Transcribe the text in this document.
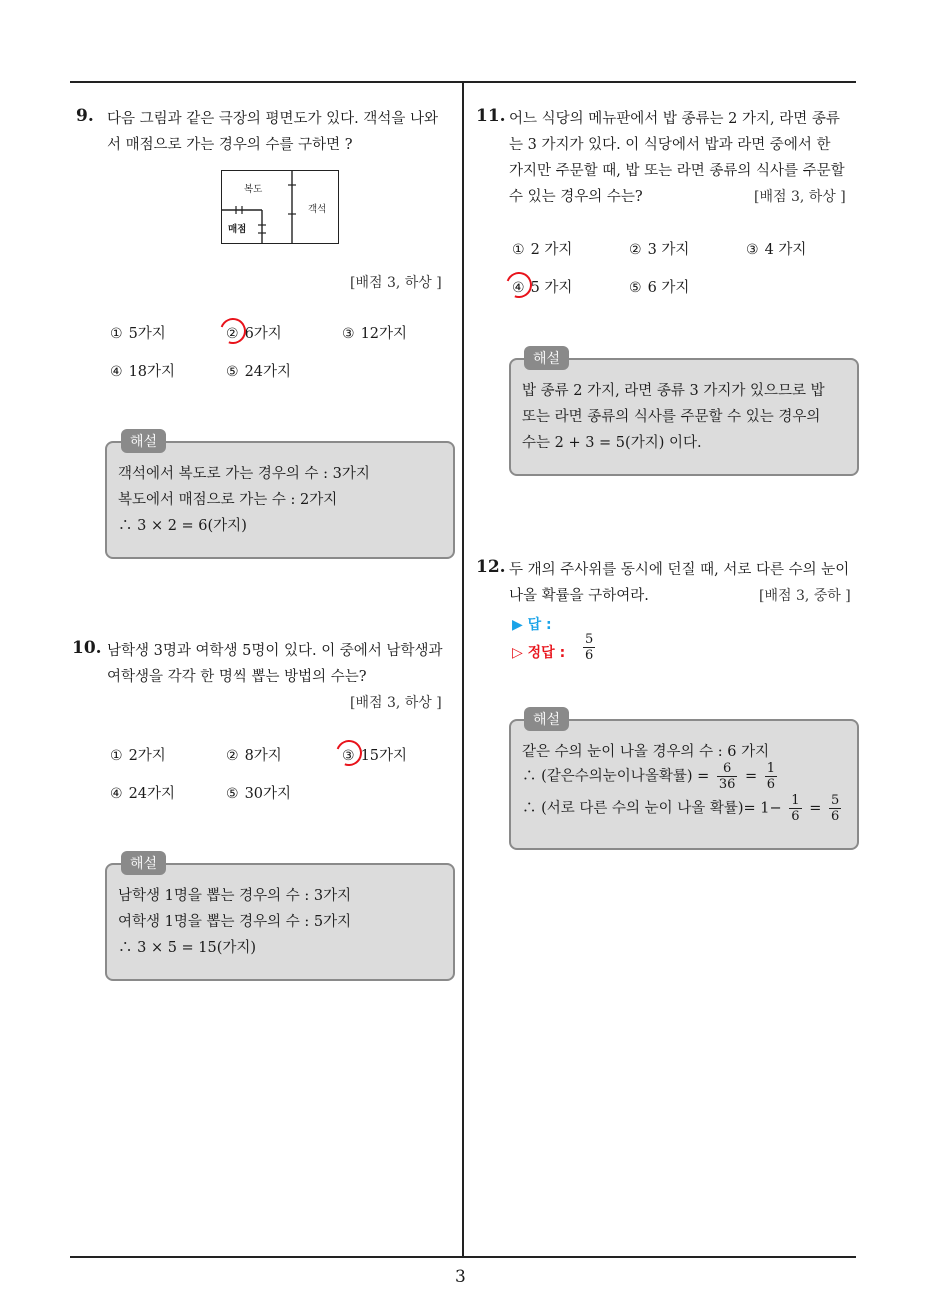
3
9. 다음 그림과 같은 극장의 평면도가 있다. 객석을 나와
서 매점으로 가는 경우의 수를 구하면 ?
복도
객석
매점
[배점 3, 하상 ]
① 5가지	② 6가지	③ 12가지
④ 18가지	⑤ 24가지
해설
객석에서 복도로 가는 경우의 수 : 3가지
복도에서 매점으로 가는 수 : 2가지
∴ 3 × 2 = 6(가지)
10. 남학생 3명과 여학생 5명이 있다. 이 중에서 남학생과
여학생을 각각 한 명씩 뽑는 방법의 수는?
[배점 3, 하상 ]
① 2가지	② 8가지	③ 15가지
④ 24가지	⑤ 30가지
해설
남학생 1명을 뽑는 경우의 수 : 3가지
여학생 1명을 뽑는 경우의 수 : 5가지
∴ 3 × 5 = 15(가지)
11. 어느 식당의 메뉴판에서 밥 종류는 2 가지, 라면 종류
는 3 가지가 있다. 이 식당에서 밥과 라면 중에서 한
가지만 주문할 때, 밥 또는 라면 종류의 식사를 주문할
수 있는 경우의 수는?	[배점 3, 하상 ]
① 2 가지	② 3 가지	③ 4 가지
④ 5 가지	⑤ 6 가지
해설
밥 종류 2 가지, 라면 종류 3 가지가 있으므로 밥
또는 라면 종류의 식사를 주문할 수 있는 경우의
수는 2 + 3 = 5(가지) 이다.
12. 두 개의 주사위를 동시에 던질 때, 서로 다른 수의 눈이
나올 확률을 구하여라.	[배점 3, 중하 ]
▶ 답 :
▷ 정답 : $\frac{5}{6}$
해설
같은 수의 눈이 나올 경우의 수 : 6 가지
∴ (같은수의눈이나올확률) = $\frac{6}{36} = \frac{1}{6}$
∴ (서로 다른 수의 눈이 나올 확률)= $1- \frac{1}{6} = \frac{5}{6}$
